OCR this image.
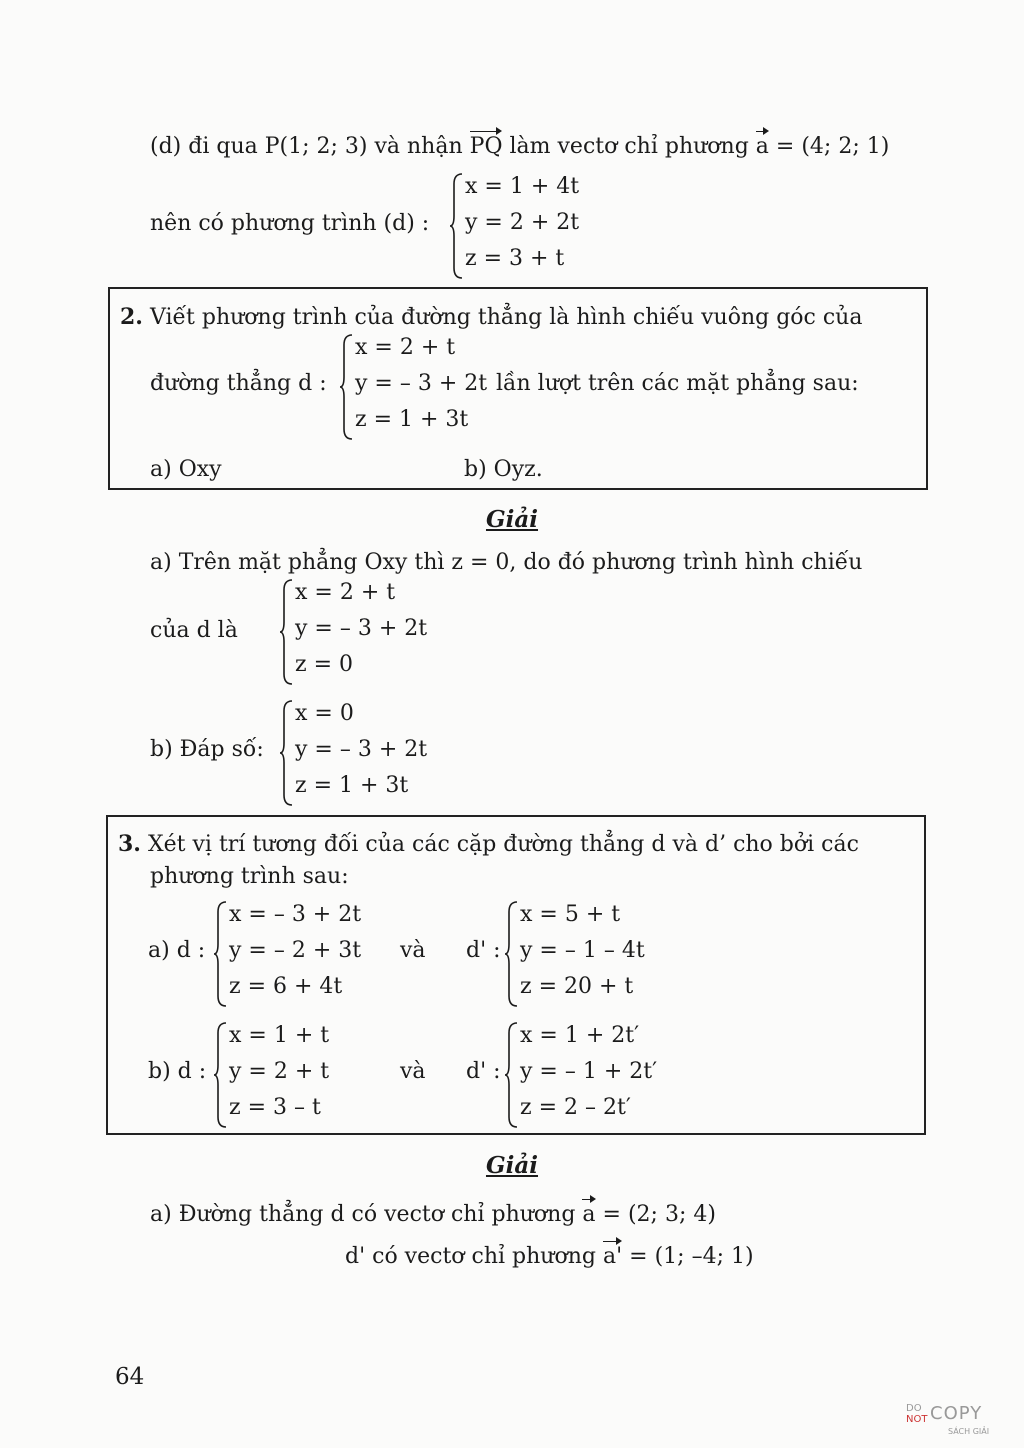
(d) đi qua P(1; 2; 3) và nhận PQ làm vectơ chỉ phương a = (4; 2; 1)
nên có phương trình (d) :
x = 1 + 4t
y = 2 + 2t
z = 3 + t
2. Viết phương trình của đường thẳng là hình chiếu vuông góc của
đường thẳng d :
x = 2 + t
y = – 3 + 2t
z = 1 + 3t
lần lượt trên các mặt phẳng sau:
a) Oxy	b) Oyz.
Giải
a) Trên mặt phẳng Oxy thì z = 0, do đó phương trình hình chiếu
của d là
x = 2 + t
y = – 3 + 2t
z = 0
b) Đáp số:
x = 0
y = – 3 + 2t
z = 1 + 3t
3. Xét vị trí tương đối của các cặp đường thẳng d và d’ cho bởi các
phương trình sau:
a) d :
x = – 3 + 2t
y = – 2 + 3t
z = 6 + 4t
và d' :
x = 5 + t
y = – 1 – 4t
z = 20 + t
b) d :
x = 1 + t
y = 2 + t
z = 3 – t
và d' :
x = 1 + 2t′
y = – 1 + 2t′
z = 2 – 2t′
Giải
a) Đường thẳng d có vectơ chỉ phương a = (2; 3; 4)
d' có vectơ chỉ phương a' = (1; –4; 1)
64
DO
NOT COPY
SÁCH GIẢI
